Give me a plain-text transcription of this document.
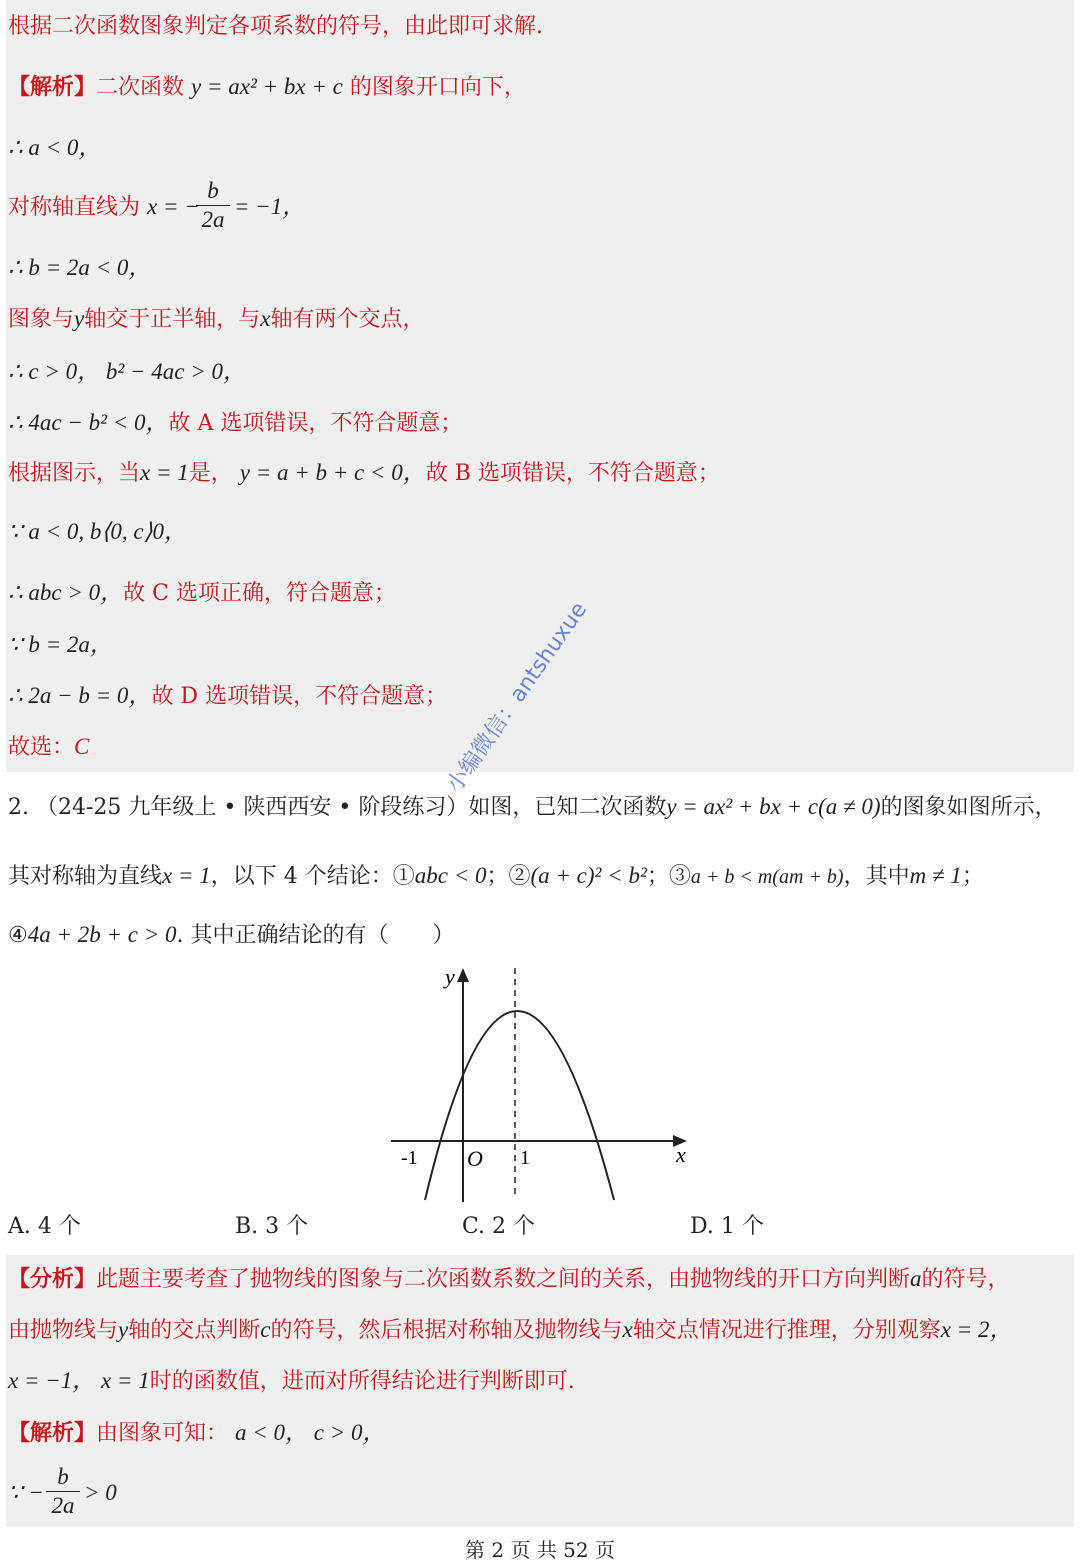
根据二次函数图象判定各项系数的符号，由此即可求解.
【解析】二次函数 y = ax² + bx + c 的图象开口向下，
∴ a < 0，
对称轴直线为 x = −
b
2a
= −1，
∴ b = 2a < 0，
图象与y轴交于正半轴，与x轴有两个交点，
∴ c > 0， b² − 4ac > 0，
∴ 4ac − b² < 0，故 A 选项错误，不符合题意；
根据图示，当x = 1是， y = a + b + c < 0，故 B 选项错误，不符合题意；
∵ a < 0, b⟨0, c⟩0，
∴ abc > 0，故 C 选项正确，符合题意；
∵ b = 2a，
∴ 2a − b = 0，故 D 选项错误，不符合题意；
故选：C
2. （24-25 九年级上 • 陕西西安 • 阶段练习）如图，已知二次函数y = ax² + bx + c(a ≠ 0)的图象如图所示，
其对称轴为直线x = 1，以下 4 个结论：①abc < 0；②(a + c)² < b²；③a + b < m(am + b)，其中m ≠ 1；
④4a + 2b + c > 0. 其中正确结论的有（　　）
y
x
O
-1	1
A. 4 个	B. 3 个	C. 2 个	D. 1 个
【分析】此题主要考查了抛物线的图象与二次函数系数之间的关系，由抛物线的开口方向判断a的符号，
由抛物线与y轴的交点判断c的符号，然后根据对称轴及抛物线与x轴交点情况进行推理，分别观察x = 2，
x = −1， x = 1时的函数值，进而对所得结论进行判断即可.
【解析】由图象可知： a < 0， c > 0，
∵ −
b
2a
> 0
小编微信：antshuxue
第 2 页 共 52 页
